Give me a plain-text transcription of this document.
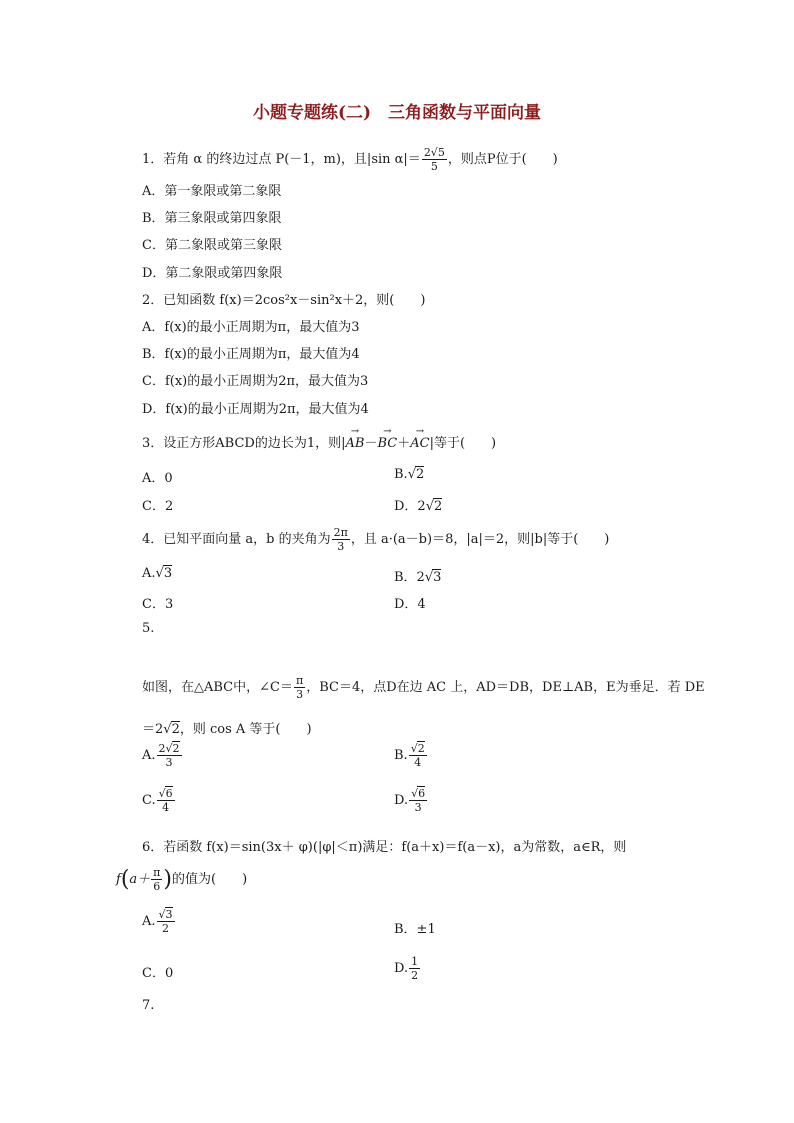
小题专题练(二)　三角函数与平面向量
1．若角 α 的终边过点 P(－1，m)，且|sin $\alpha|= \frac{2√5}{5}$ ，则点P位于(　　)
A．第一象限或第二象限
B．第三象限或第四象限
C．第二象限或第三象限
D．第二象限或第四象限
2．已知函数 f(x)＝2cos²x－sin²x＋2，则(　　)
A．f(x)的最小正周期为π，最大值为3
B．f(x)的最小正周期为π，最大值为4
C．f(x)的最小正周期为2π，最大值为3
D．f(x)的最小正周期为2π，最大值为4
3．设正方形ABCD的边长为1，则|→ AB－→ BC＋→ AC|等于(　　)
A．0	B.√2
C．2	D．2√2
4．已知平面向量 a，b 的夹角为 $\frac{2\pi}{3}$ ，且 a·(a－b)＝8，|a|＝2，则|b|等于(　　)
A.√3	B．2√3
C．3	D．4
5.
如图，在△ABC中，∠C＝ $\frac{\pi}{3}$ ，BC＝4，点D在边 AC 上，AD＝DB，DE⊥AB，E为垂足．若 DE
＝2√2，则 cos A 等于(　　)
A. $\frac{2√2}{3}$	B. $\frac{√2}{4}$
C. $\frac{√6}{4}$	D. $\frac{√6}{3}$
6．若函数 f(x)＝sin(3x＋ φ)(|φ|＜π)满足：f(a＋x)＝f(a－x)，a为常数，a∈R，则
$f(a+ \frac{\pi}{6}$ )的值为(　　)
A. $\frac{√3}{2}$	B．±1
C．0	D. $\frac{1}{2}$
7.
